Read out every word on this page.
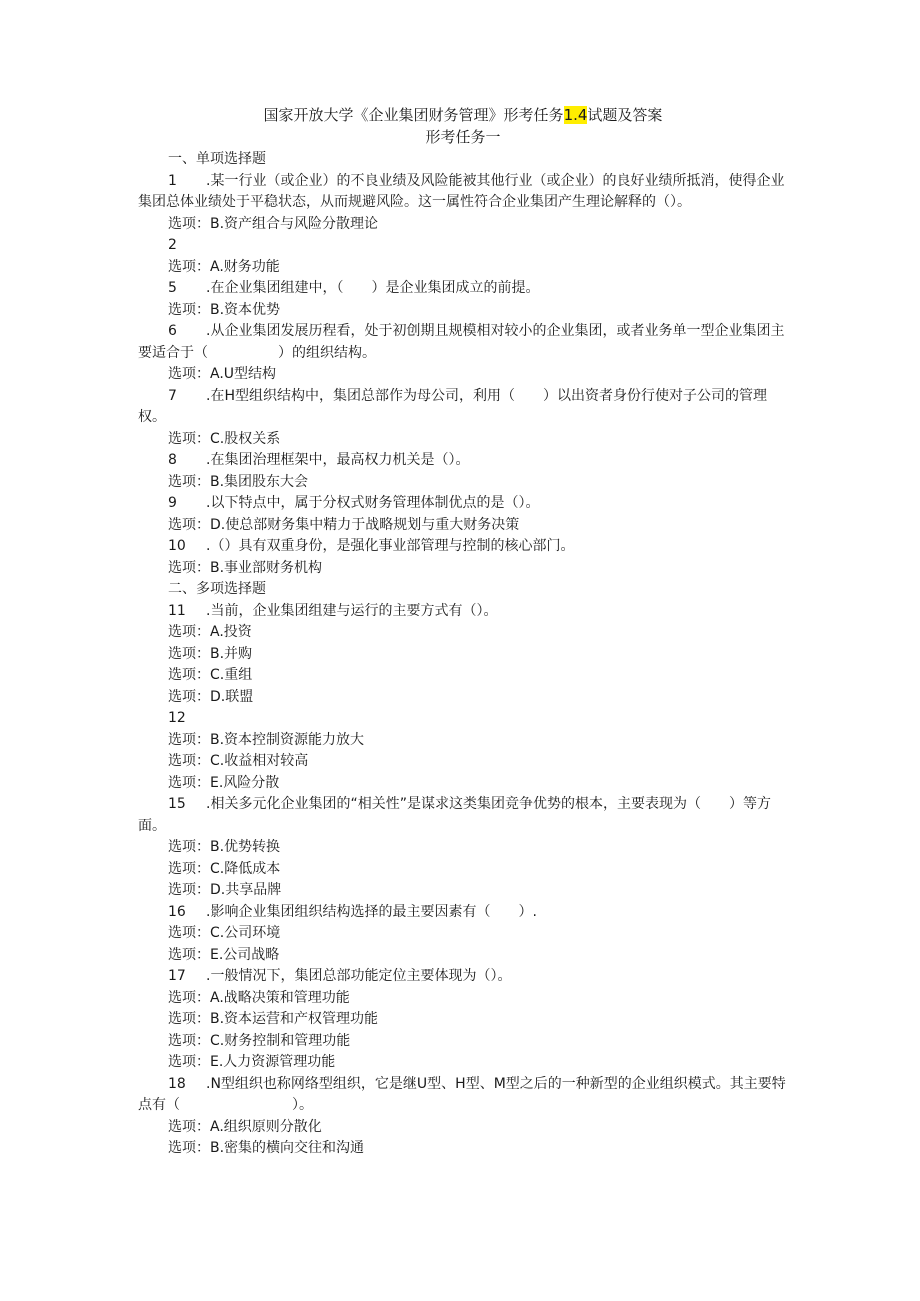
国家开放大学《企业集团财务管理》形考任务1.4试题及答案
形考任务一
一、单项选择题
1 .某一行业（或企业）的不良业绩及风险能被其他行业（或企业）的良好业绩所抵消，使得企业集团总体业绩处于平稳状态，从而规避风险。这一属性符合企业集团产生理论解释的（）。
选项：B.资产组合与风险分散理论
2
选项：A.财务功能
5 .在企业集团组建中，（　　）是企业集团成立的前提。
选项：B.资本优势
6 .从企业集团发展历程看，处于初创期且规模相对较小的企业集团，或者业务单一型企业集团主要适合于（　　　　　）的组织结构。
选项：A.U型结构
7 .在H型组织结构中，集团总部作为母公司，利用（　　）以出资者身份行使对子公司的管理权。
选项：C.股权关系
8 .在集团治理框架中，最高权力机关是（）。
选项：B.集团股东大会
9 .以下特点中，属于分权式财务管理体制优点的是（）。
选项：D.使总部财务集中精力于战略规划与重大财务决策
10 .（）具有双重身份，是强化事业部管理与控制的核心部门。
选项：B.事业部财务机构
二、多项选择题
11 .当前，企业集团组建与运行的主要方式有（）。
选项：A.投资
选项：B.并购
选项：C.重组
选项：D.联盟
12
选项：B.资本控制资源能力放大
选项：C.收益相对较高
选项：E.风险分散
15 .相关多元化企业集团的“相关性”是谋求这类集团竞争优势的根本，主要表现为（　　）等方面。
选项：B.优势转换
选项：C.降低成本
选项：D.共享品牌
16 .影响企业集团组织结构选择的最主要因素有（　　）.
选项：C.公司环境
选项：E.公司战略
17 .一般情况下，集团总部功能定位主要体现为（）。
选项：A.战略决策和管理功能
选项：B.资本运营和产权管理功能
选项：C.财务控制和管理功能
选项：E.人力资源管理功能
18 .N型组织也称网络型组织，它是继U型、H型、M型之后的一种新型的企业组织模式。其主要特点有（　　　　　　　　）。
选项：A.组织原则分散化
选项：B.密集的横向交往和沟通
